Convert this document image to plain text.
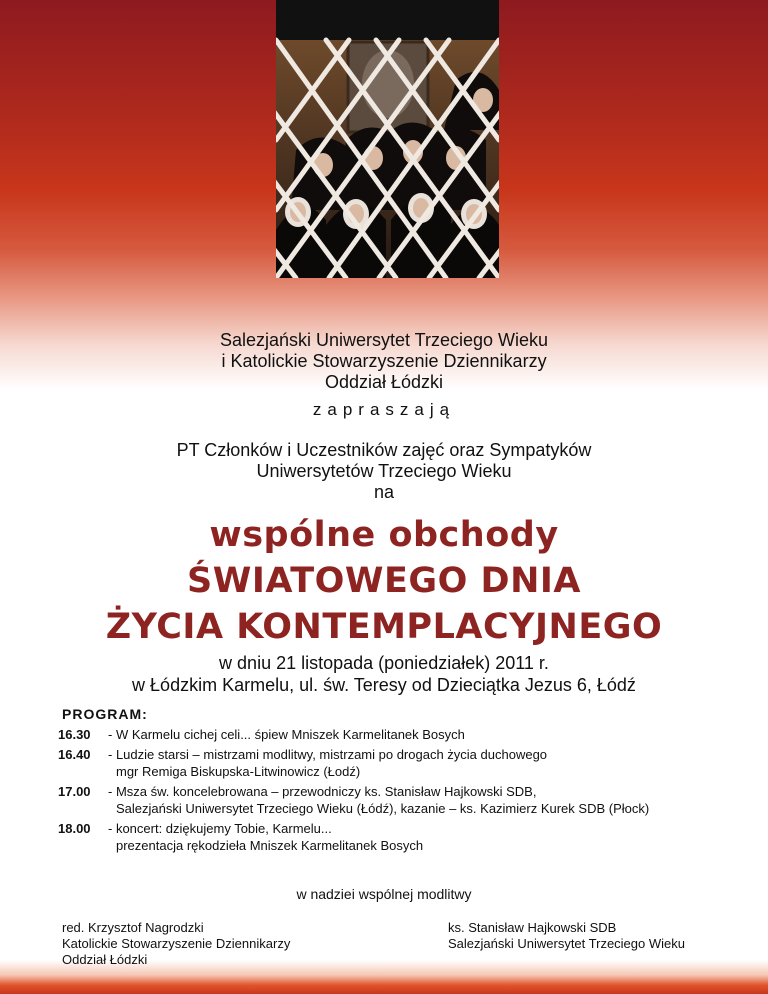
Salezjański Uniwersytet Trzeciego Wieku
i Katolickie Stowarzyszenie Dziennikarzy
Oddział Łódzki
zapraszają
PT Członków i Uczestników zajęć oraz Sympatyków
Uniwersytetów Trzeciego Wieku
na
wspólne obchody
ŚWIATOWEGO DNIA
ŻYCIA KONTEMPLACYJNEGO
w dniu 21 listopada (poniedziałek) 2011 r.
w Łódzkim Karmelu, ul. św. Teresy od Dzieciątka Jezus 6, Łódź
PROGRAM:
16.30	- W Karmelu cichej celi... śpiew Mniszek Karmelitanek Bosych
16.40	- Ludzie starsi – mistrzami modlitwy, mistrzami po drogach życia duchowego
mgr Remiga Biskupska-Litwinowicz (Łodź)
17.00	- Msza św. koncelebrowana – przewodniczy ks. Stanisław Hajkowski SDB,
Salezjański Uniwersytet Trzeciego Wieku (Łódź), kazanie – ks. Kazimierz Kurek SDB (Płock)
18.00	- koncert: dziękujemy Tobie, Karmelu...
prezentacja rękodzieła Mniszek Karmelitanek Bosych
w nadziei wspólnej modlitwy
red. Krzysztof Nagrodzki
Katolickie Stowarzyszenie Dziennikarzy
Oddział Łódzki
ks. Stanisław Hajkowski SDB
Salezjański Uniwersytet Trzeciego Wieku
